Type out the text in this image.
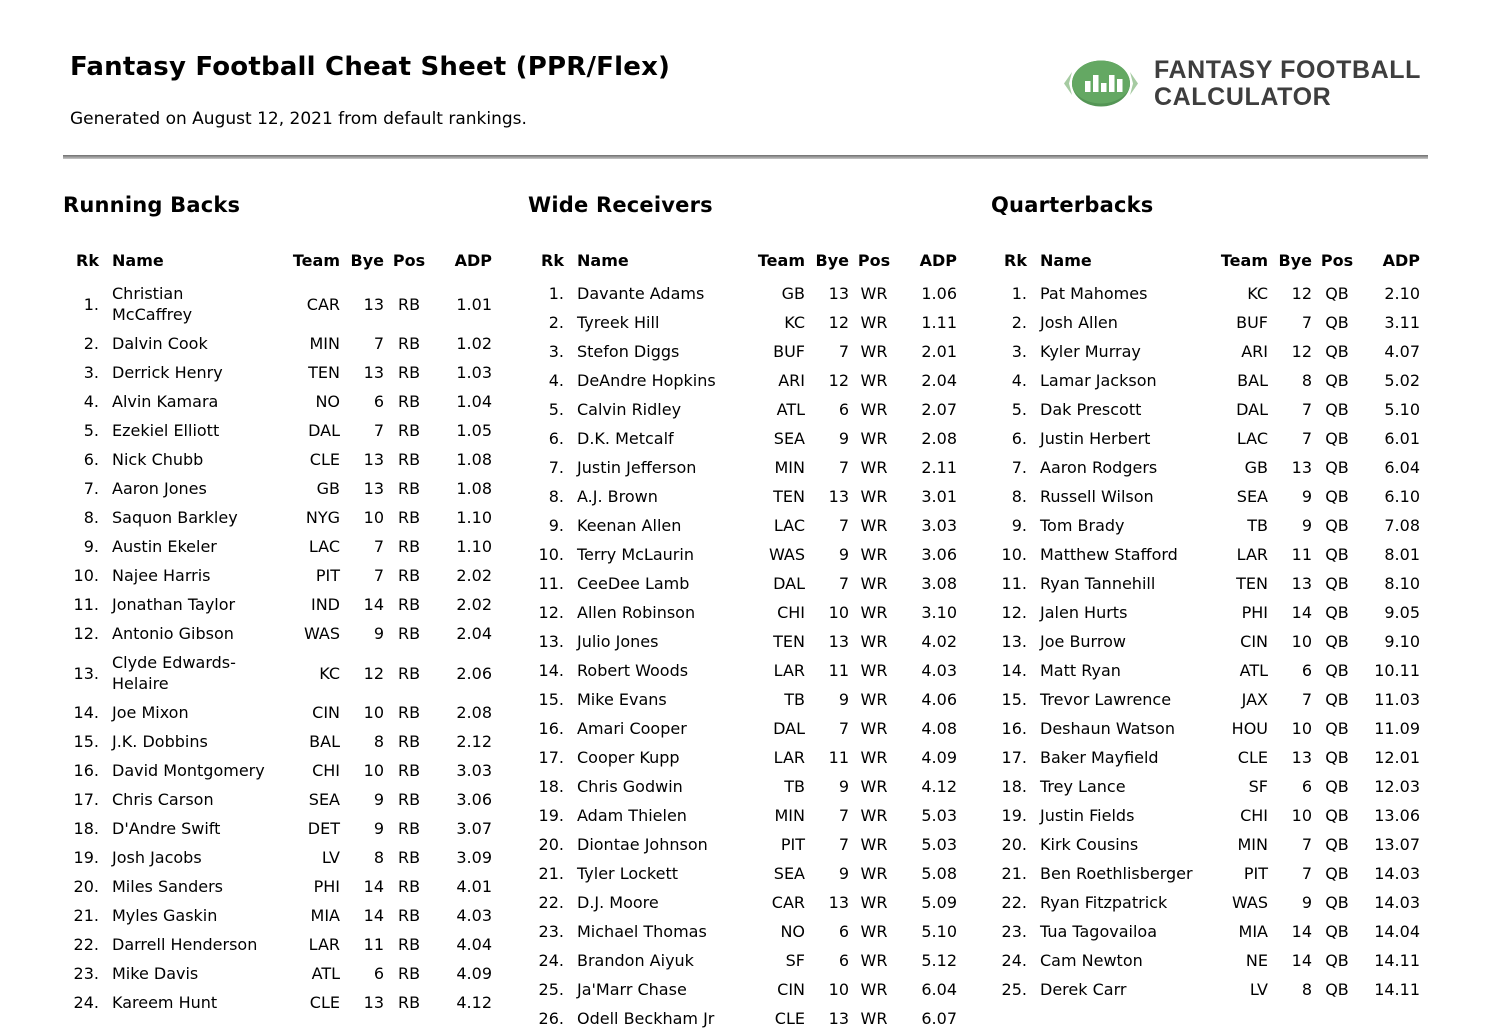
Fantasy Football Cheat Sheet (PPR/Flex)

Generated on August 12, 2021 from default rankings.

FANTASY FOOTBALL
CALCULATOR
Running Backs
Rk	Name	Team	Bye	Pos	ADP
1.	Christian McCaffrey	CAR	13	RB	1.01
2.	Dalvin Cook	MIN	7	RB	1.02
3.	Derrick Henry	TEN	13	RB	1.03
4.	Alvin Kamara	NO	6	RB	1.04
5.	Ezekiel Elliott	DAL	7	RB	1.05
6.	Nick Chubb	CLE	13	RB	1.08
7.	Aaron Jones	GB	13	RB	1.08
8.	Saquon Barkley	NYG	10	RB	1.10
9.	Austin Ekeler	LAC	7	RB	1.10
10.	Najee Harris	PIT	7	RB	2.02
11.	Jonathan Taylor	IND	14	RB	2.02
12.	Antonio Gibson	WAS	9	RB	2.04
13.	Clyde Edwards-Helaire	KC	12	RB	2.06
14.	Joe Mixon	CIN	10	RB	2.08
15.	J.K. Dobbins	BAL	8	RB	2.12
16.	David Montgomery	CHI	10	RB	3.03
17.	Chris Carson	SEA	9	RB	3.06
18.	D'Andre Swift	DET	9	RB	3.07
19.	Josh Jacobs	LV	8	RB	3.09
20.	Miles Sanders	PHI	14	RB	4.01
21.	Myles Gaskin	MIA	14	RB	4.03
22.	Darrell Henderson	LAR	11	RB	4.04
23.	Mike Davis	ATL	6	RB	4.09
24.	Kareem Hunt	CLE	13	RB	4.12
Wide Receivers
Rk	Name	Team	Bye	Pos	ADP
1.	Davante Adams	GB	13	WR	1.06
2.	Tyreek Hill	KC	12	WR	1.11
3.	Stefon Diggs	BUF	7	WR	2.01
4.	DeAndre Hopkins	ARI	12	WR	2.04
5.	Calvin Ridley	ATL	6	WR	2.07
6.	D.K. Metcalf	SEA	9	WR	2.08
7.	Justin Jefferson	MIN	7	WR	2.11
8.	A.J. Brown	TEN	13	WR	3.01
9.	Keenan Allen	LAC	7	WR	3.03
10.	Terry McLaurin	WAS	9	WR	3.06
11.	CeeDee Lamb	DAL	7	WR	3.08
12.	Allen Robinson	CHI	10	WR	3.10
13.	Julio Jones	TEN	13	WR	4.02
14.	Robert Woods	LAR	11	WR	4.03
15.	Mike Evans	TB	9	WR	4.06
16.	Amari Cooper	DAL	7	WR	4.08
17.	Cooper Kupp	LAR	11	WR	4.09
18.	Chris Godwin	TB	9	WR	4.12
19.	Adam Thielen	MIN	7	WR	5.03
20.	Diontae Johnson	PIT	7	WR	5.03
21.	Tyler Lockett	SEA	9	WR	5.08
22.	D.J. Moore	CAR	13	WR	5.09
23.	Michael Thomas	NO	6	WR	5.10
24.	Brandon Aiyuk	SF	6	WR	5.12
25.	Ja'Marr Chase	CIN	10	WR	6.04
26.	Odell Beckham Jr	CLE	13	WR	6.07
Quarterbacks
Rk	Name	Team	Bye	Pos	ADP
1.	Pat Mahomes	KC	12	QB	2.10
2.	Josh Allen	BUF	7	QB	3.11
3.	Kyler Murray	ARI	12	QB	4.07
4.	Lamar Jackson	BAL	8	QB	5.02
5.	Dak Prescott	DAL	7	QB	5.10
6.	Justin Herbert	LAC	7	QB	6.01
7.	Aaron Rodgers	GB	13	QB	6.04
8.	Russell Wilson	SEA	9	QB	6.10
9.	Tom Brady	TB	9	QB	7.08
10.	Matthew Stafford	LAR	11	QB	8.01
11.	Ryan Tannehill	TEN	13	QB	8.10
12.	Jalen Hurts	PHI	14	QB	9.05
13.	Joe Burrow	CIN	10	QB	9.10
14.	Matt Ryan	ATL	6	QB	10.11
15.	Trevor Lawrence	JAX	7	QB	11.03
16.	Deshaun Watson	HOU	10	QB	11.09
17.	Baker Mayfield	CLE	13	QB	12.01
18.	Trey Lance	SF	6	QB	12.03
19.	Justin Fields	CHI	10	QB	13.06
20.	Kirk Cousins	MIN	7	QB	13.07
21.	Ben Roethlisberger	PIT	7	QB	14.03
22.	Ryan Fitzpatrick	WAS	9	QB	14.03
23.	Tua Tagovailoa	MIA	14	QB	14.04
24.	Cam Newton	NE	14	QB	14.11
25.	Derek Carr	LV	8	QB	14.11
